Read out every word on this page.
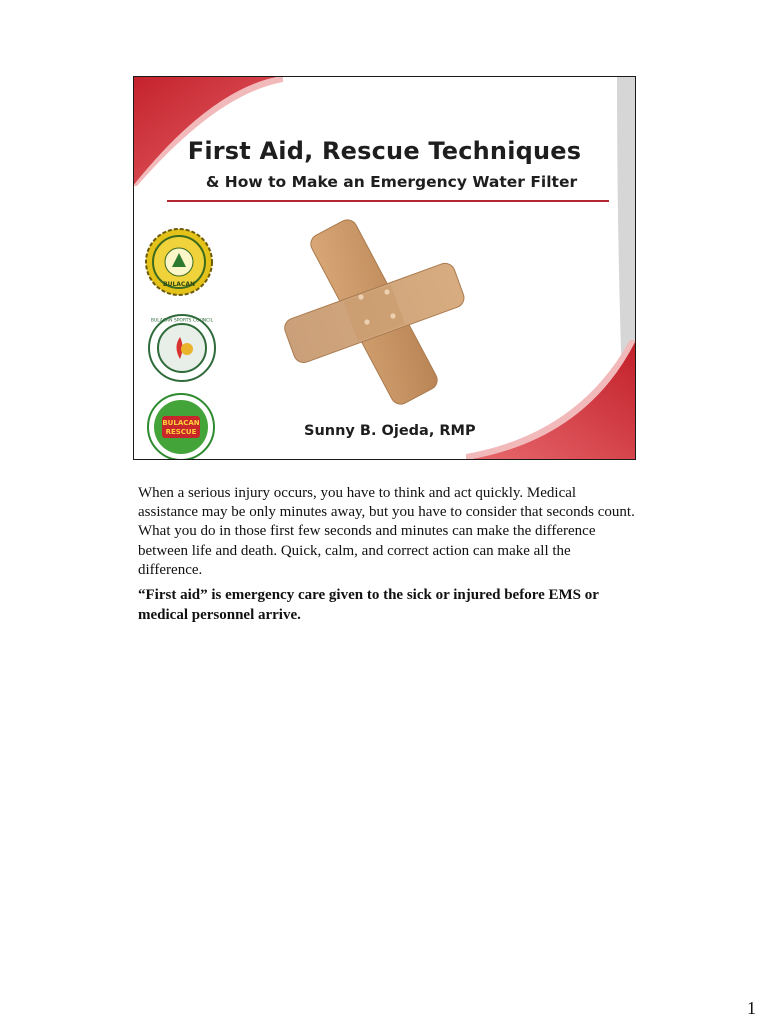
First Aid, Rescue Techniques
& How to Make an Emergency Water Filter
BULACAN
BULACAN SPORTS COUNCIL
BULACAN
RESCUE	Sunny B. Ojeda, RMP

When a serious injury occurs, you have to think and act quickly. Medical assistance may be only minutes away, but you have to consider that seconds count. What you do in those first few seconds and minutes can make the difference between life and death. Quick, calm, and correct action can make all the difference.

“First aid” is emergency care given to the sick or injured before EMS or medical personnel arrive.

1
